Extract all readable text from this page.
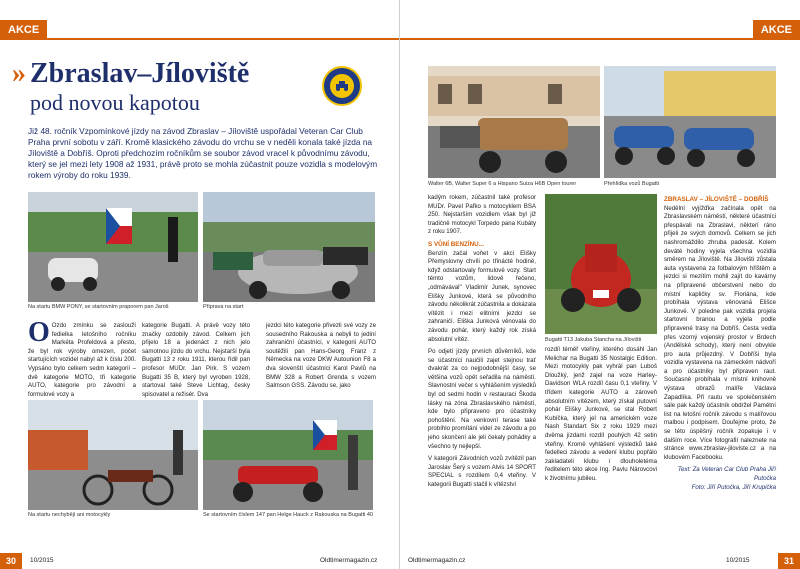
AKCE
» Zbraslav–Jíloviště
pod novou kapotou
Již 48. ročník Vzpomínkové jízdy na závod Zbraslav – Jíloviště uspořádal Veteran Car Club Praha první sobotu v září. Kromě klasického závodu do vrchu se v neděli konala také jízda na Jíloviště a Dobříš. Oproti předchozím ročníkům se soubor závod vracel k původnímu závodu, který se jel mezi lety 1908 až 1931, právě proto se mohla zúčastnit pouze vozidla s modelovým rokem výroby do roku 1939.
Na startu BMW PONY, se startovním praporem pan Jaroš	Připrava na start
O Ozdo zmínku se zaslouží fedielka letošního ročníku Markéta Profeldová a přesto, že byl rok výroby omezen, počet startujících vozidel nabyl až k číslu 200. Vypsáno bylo celkem sedm kategorií – dvě kategorie MOTO, tři kategorie AUTO, kategorie pro závodní a formulové vozy a
kategorie Bugatti. A právě vozy této značky ozdobily závod. Celkem jich přijelo 18 a jedenáct z nich jelo samotnou jízdu do vrchu. Nejstarší byla Bugatti 13 z roku 1911, kterou řídil pan profesor MUDr. Jan Pirk. S vozem Bugatti 35 B, který byl vyroben 1928, startoval také Steve Lichtag, česky spisovatel a režisér. Dva
jezdci této kategorie přivezli své vozy ze sousedního Rakouska a nebyli to jediní zahraniční účastníci, v kategorii AUTO soutěžili pan Hans-Georg Franz z Německa na voze DKW Autounion F8 a dva slovenští účastníci Karol Pavlů na BMW 328 a Robert Grenda s vozem Salmson GSS. Závodu se, jako
Na startu nechybějí ani motocykly	Se startovním číslem 147 pan Helge Hauck z Rakouska na Bugatti 40
30	10/2015	Oldtimermagazin.cz
AKCE
Walter 6B, Walter Super 6 a Hispano Suiza H6B Open tourer	Přehlídka vozů Bugatti
kadým rokem, zúčastnil také profesor MUDr. Pavel Pafko s motocyklem BSA 250. Nejstarším vozidlem však byl již tradičně motocykl Torpedo pana Kubáty z roku 1907.
S VŮNÍ BENZÍNU...
Benzín začal voňet v akci Elišky Přemyslovny chvíli po třinácté hodině, když odstartovaly formulové vozy. Start těmto vozům, lidově řečeno, „odmávával" Vladimír Junek, synovec Elišky Junkové, která se původního závodu několikrát zúčastnila a dokázala vítězit i mezi elitními jezdci se zahraničí. Eliška Junková věnovala do závodu pohár, který každý rok získá absolutní vítěz.
Po odjetí jízdy prvních důvěrníků, kde se účastníci naučili zajet stejnou trať dvakrát za co nejpodobnější časy, se většina vozů opět seřadila na náměstí. Slavnostní večer s vyhlášením výsledků byl od sedmi hodin v restauraci Škoda lásky na zóna Zbraslavského náměstí, kde bylo připraveno pro účastníky pohoštění. Na venkovní terase také probíhlo promítání videí ze závodu a po jeho skončení ale jeli čekaly pohádky a všechno ty nejlepší.
V kategorii Závodních vozů zvítězil pan Jaroslav Šerý s vozem Alvis 14 SPORT SPECIAL s rozdílem 0,4 vteřiny. V kategorii Bugatti stačil k vítězství
Bugatti T13 Jakuba Stancha na Jílovišti
rozdíl téměř vteřiny, kterého dosáhl Jan Melichar na Bugatti 35 Nostalgic Edition. Mezi motocykly pak vyhrál pan Luboš Dloužký, jenž zajel na voze Harley-Davidson WLA rozdíl času 0,1 vteřiny. V třídem kategorie AUTO a zároveň absolutním vítězem, který získal putovní pohár Elišky Junkové, se stal Robert Kubíčka, který jel na americkém voze Nash Standart Six z roku 1929 mezi dvěma jízdami rozdíl pouhých 42 setin vteřiny. Kromě vyhlášení výsledků také fedelleci závodu a vedení klubu popřálo zakladateli klubu i dlouholetéma ředitelem této akce Ing. Pavlu Nárovcovi k životnímu jubileu.
ZBRASLAV – JÍLOVIŠTĚ – DOBŘÍŠ
Nedělní vyjížďka začínala opět na Zbraslavském náměstí, některé účastníci přespávali na Zbraslavi, některí ráno přijeli ze svých domovů. Celkem se jich nashromáždilo zhruba padesát. Kolem deváté hodiny vyjela všechna vozidla směrem na Jíloviště. Na Jílovišti zůstala auta vystavena za fotbalovým hřištěm a jezdci si mezitím mohli zajít do kavárny na připravené občerstvení nebo do místní kapličky sv. Floriána, kde probíhala výstava věnovaná Elišce Junkové. V poledne pak vozidla projela startovní branou a vyjela podle připravené trasy na Dobříš. Cesta vedla přes vzorný vojenský prostor v Brdech (Andělské schody), který není obvykle pro auta průjezdný. V Dobříši byla vozidla vystavena na zámeckém nádvoří a pro účastníky byl připraven raut. Současně probíhala v místní knihovně výstava obrazů malíře Václava Zapadlíka. Při rautu ve společenském sále pak každý účastník obdržel Pamětní list na letošní ročník závodu s malířovou malbou i podpisem. Doufejme proto, že se této úspěšný ročník zopakuje i v dalším roce. Více fotografií naleznete na stránce www.zbraslav-jiloviste.cz a na klubovém Facebooku.
Text: Za Veteran Car Club Praha Jiří Putočka
Foto: Jiří Putočka, Jiří Krupička
Oldtimermagazin.cz	10/2015	31
